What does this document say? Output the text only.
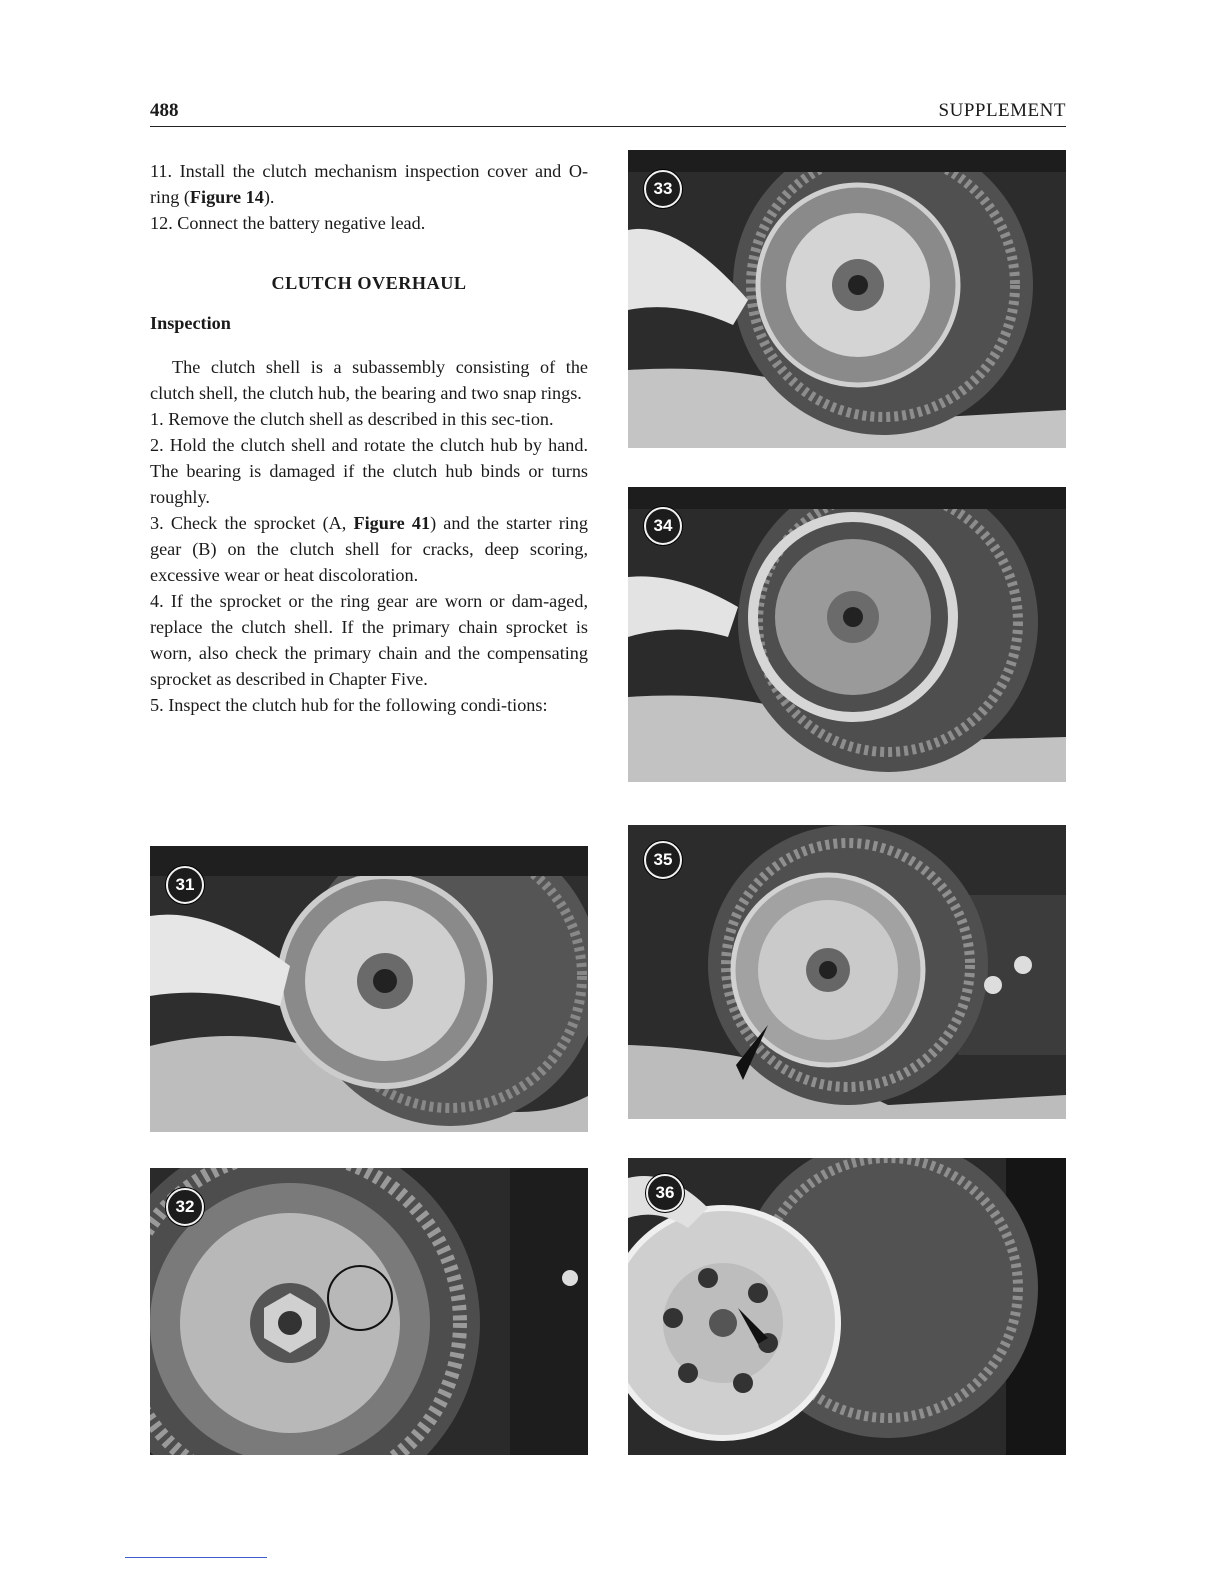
488	SUPPLEMENT

11. Install the clutch mechanism inspection cover and O-ring (Figure 14).

12. Connect the battery negative lead.

CLUTCH OVERHAUL

Inspection

The clutch shell is a subassembly consisting of the clutch shell, the clutch hub, the bearing and two snap rings.

1. Remove the clutch shell as described in this sec-tion.

2. Hold the clutch shell and rotate the clutch hub by hand. The bearing is damaged if the clutch hub binds or turns roughly.

3. Check the sprocket (A, Figure 41) and the starter ring gear (B) on the clutch shell for cracks, deep scoring, excessive wear or heat discoloration.

4. If the sprocket or the ring gear are worn or dam-aged, replace the clutch shell. If the primary chain sprocket is worn, also check the primary chain and the compensating sprocket as described in Chapter Five.

5. Inspect the clutch hub for the following condi-tions:

31
32
33
34
35
36
